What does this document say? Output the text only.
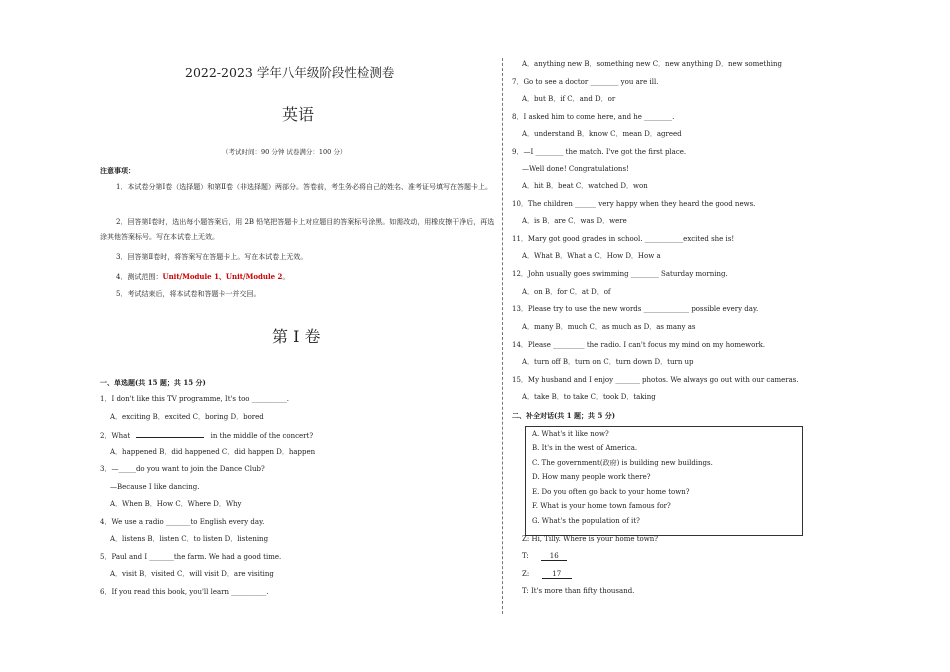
2022-2023 学年八年级阶段性检测卷
英语
（考试时间：90 分钟 试卷满分：100 分）
注意事项：
1．本试卷分第Ⅰ卷（选择题）和第Ⅱ卷（非选择题）两部分。答卷前，考生务必将自己的姓名、准考证号填写在答题卡上。
2．回答第Ⅰ卷时，选出每小题答案后，用 2B 铅笔把答题卡上对应题目的答案标号涂黑。如需改动，用橡皮擦干净后，再选涂其他答案标号。写在本试卷上无效。
3．回答第Ⅱ卷时，将答案写在答题卡上。写在本试卷上无效。
4．测试范围：Unit/Module 1、Unit/Module 2。
5．考试结束后，将本试卷和答题卡一并交回。
第 Ⅰ 卷
一、单选题(共 15 题；共 15 分)
1．I don't like this TV programme, It's too __________.
A．exciting B．excited C．boring D．bored
2．What	in the middle of the concert?
A．happened B．did happened C．did happen D．happen
3．—_____do you want to join the Dance Club?
—Because I like dancing.
A．When B．How C．Where D．Why
4．We use a radio _______to English every day.
A．listens B．listen C．to listen D．listening
5．Paul and I _______the farm. We had a good time.
A．visit B．visited C．will visit D．are visiting
6．If you read this book, you'll learn __________.
A．anything new B．something new C．new anything D．new something
7．Go to see a doctor ________ you are ill.
A．but B．if C．and D．or
8．I asked him to come here, and he ________.
A．understand B．know C．mean D．agreed
9．—I ________ the match. I've got the first place.
—Well done! Congratulations!
A．hit B．beat C．watched D．won
10．The children ______ very happy when they heard the good news.
A．is B．are C．was D．were
11．Mary got good grades in school. ___________excited she is!
A．What B．What a C．How D．How a
12．John usually goes swimming ________ Saturday morning.
A．on B．for C．at D．of
13．Please try to use the new words _____________ possible every day.
A．many B．much C．as much as D．as many as
14．Please _________ the radio. I can't focus my mind on my homework.
A．turn off B．turn on C．turn down D．turn up
15．My husband and I enjoy _______ photos. We always go out with our cameras.
A．take B．to take C．took D．taking
二、补全对话(共 1 题；共 5 分)
A. What's it like now?
B. It's in the west of America.
C. The government(政府) is building new buildings.
D. How many people work there?
E. Do you often go back to your home town?
F. What is your home town famous for?
G. What's the population of it?
Z: Hi, Tilly. Where is your home town?
T:	16
Z:	17
T: It's more than fifty thousand.
